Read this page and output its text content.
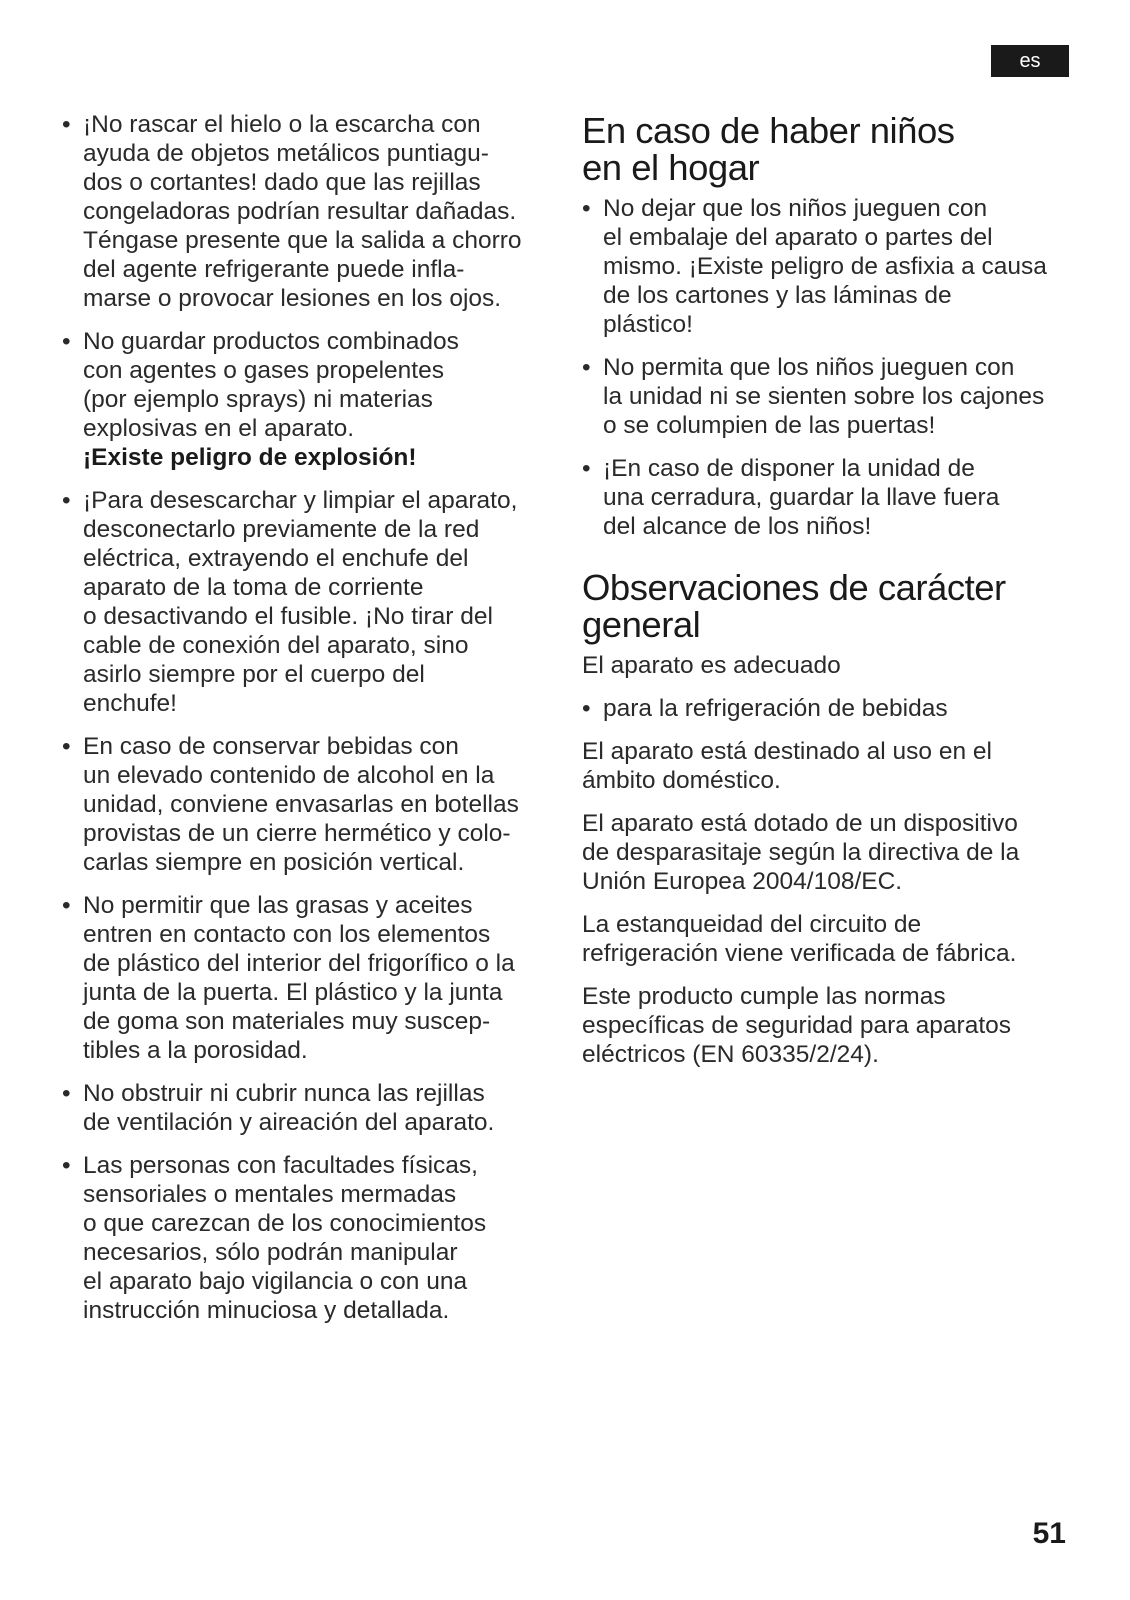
es
• ¡No rascar el hielo o la escarcha con
ayuda de objetos metálicos puntiagu-
dos o cortantes! dado que las rejillas
congeladoras podrían resultar dañadas.
Téngase presente que la salida a chorro
del agente refrigerante puede infla-
marse o provocar lesiones en los ojos.
• No guardar productos combinados
con agentes o gases propelentes
(por ejemplo sprays) ni materias
explosivas en el aparato.
¡Existe peligro de explosión!
• ¡Para desescarchar y limpiar el aparato,
desconectarlo previamente de la red
eléctrica, extrayendo el enchufe del
aparato de la toma de corriente
o desactivando el fusible. ¡No tirar del
cable de conexión del aparato, sino
asirlo siempre por el cuerpo del
enchufe!
• En caso de conservar bebidas con
un elevado contenido de alcohol en la
unidad, conviene envasarlas en botellas
provistas de un cierre hermético y colo-
carlas siempre en posición vertical.
• No permitir que las grasas y aceites
entren en contacto con los elementos
de plástico del interior del frigorífico o la
junta de la puerta. El plástico y la junta
de goma son materiales muy suscep-
tibles a la porosidad.
• No obstruir ni cubrir nunca las rejillas
de ventilación y aireación del aparato.
• Las personas con facultades físicas,
sensoriales o mentales mermadas
o que carezcan de los conocimientos
necesarios, sólo podrán manipular
el aparato bajo vigilancia o con una
instrucción minuciosa y detallada.
En caso de haber niños
en el hogar
• No dejar que los niños jueguen con
el embalaje del aparato o partes del
mismo. ¡Existe peligro de asfixia a causa
de los cartones y las láminas de
plástico!
• No permita que los niños jueguen con
la unidad ni se sienten sobre los cajones
o se columpien de las puertas!
• ¡En caso de disponer la unidad de
una cerradura, guardar la llave fuera
del alcance de los niños!
Observaciones de carácter
general

El aparato es adecuado

• para la refrigeración de bebidas

El aparato está destinado al uso en el
ámbito doméstico.

El aparato está dotado de un dispositivo
de desparasitaje según la directiva de la
Unión Europea 2004/108/EC.

La estanqueidad del circuito de
refrigeración viene verificada de fábrica.

Este producto cumple las normas
específicas de seguridad para aparatos
eléctricos (EN 60335/2/24).

51
